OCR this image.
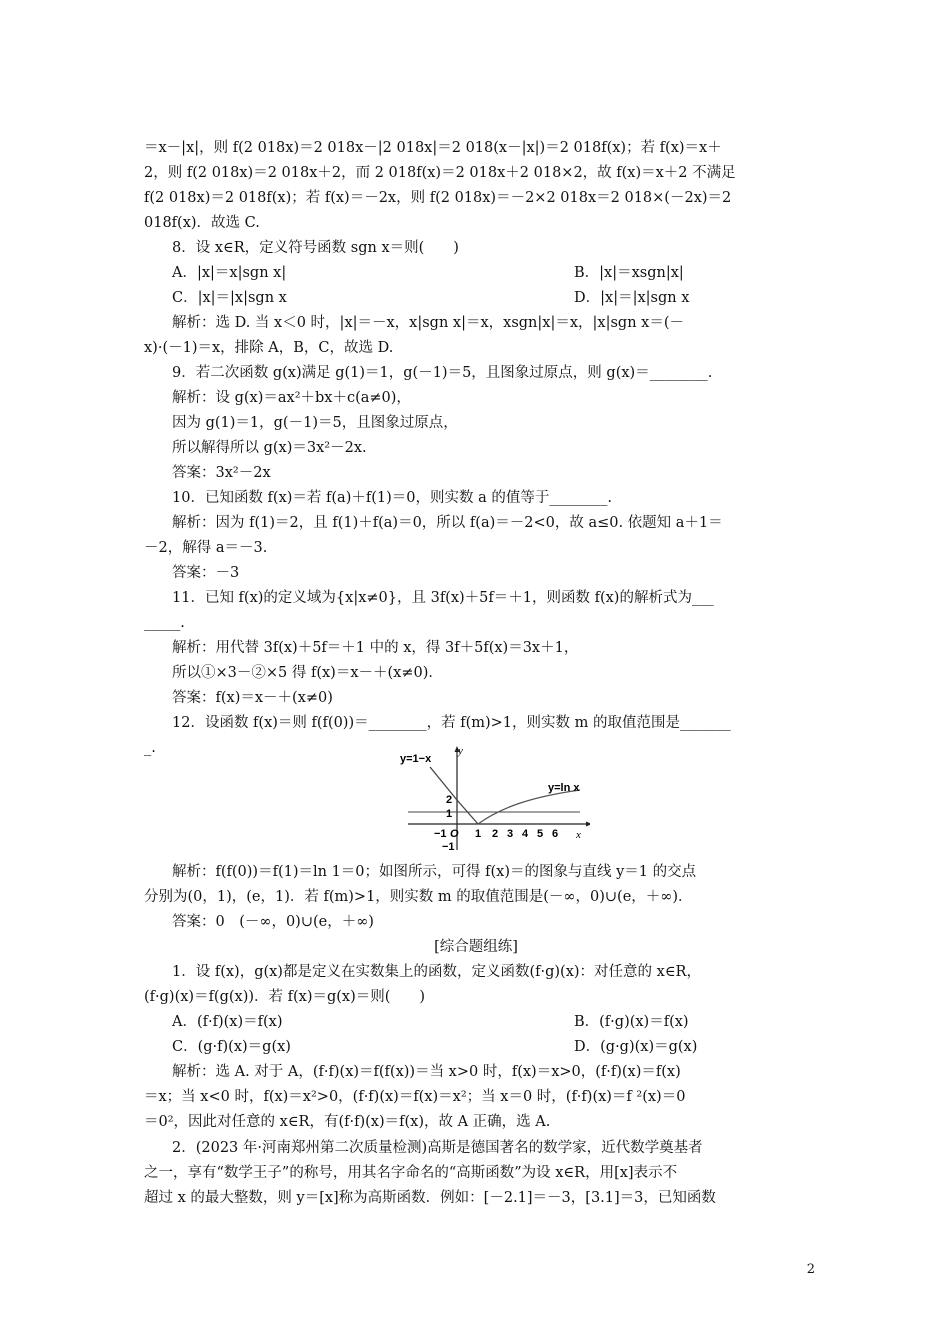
＝x－|x|，则 f(2 018x)＝2 018x－|2 018x|＝2 018(x－|x|)＝2 018f(x)；若 f(x)＝x＋
2，则 f(2 018x)＝2 018x＋2，而 2 018f(x)＝2 018x＋2 018×2，故 f(x)＝x＋2 不满足
f(2 018x)＝2 018f(x)；若 f(x)＝－2x，则 f(2 018x)＝－2×2 018x＝2 018×(－2x)＝2
018f(x)．故选 C.
8．设 x∈R，定义符号函数 sgn x＝则(　　)
A．|x|＝x|sgn x|	B．|x|＝xsgn|x|
C．|x|＝|x|sgn x	D．|x|＝|x|sgn x
解析：选 D. 当 x＜0 时，|x|＝－x，x|sgn x|＝x，xsgn|x|＝x，|x|sgn x＝(－
x)·(－1)＝x，排除 A，B，C，故选 D.
9．若二次函数 g(x)满足 g(1)＝1，g(－1)＝5，且图象过原点，则 g(x)＝________.
解析：设 g(x)＝ax²＋bx＋c(a≠0)，
因为 g(1)＝1，g(－1)＝5，且图象过原点，
所以解得所以 g(x)＝3x²－2x.
答案：3x²－2x
10．已知函数 f(x)＝若 f(a)＋f(1)＝0，则实数 a 的值等于________.
解析：因为 f(1)＝2，且 f(1)＋f(a)＝0，所以 f(a)＝－2<0，故 a≤0. 依题知 a＋1＝
－2，解得 a＝－3.
答案：－3
11．已知 f(x)的定义域为{x|x≠0}，且 3f(x)＋5f＝＋1，则函数 f(x)的解析式为___
_____.
解析：用代替 3f(x)＋5f＝＋1 中的 x，得 3f＋5f(x)＝3x＋1，
所以①×3－②×5 得 f(x)＝x－＋(x≠0)．
答案：f(x)＝x－＋(x≠0)
12．设函数 f(x)＝则 f(f(0))＝________，若 f(m)>1，则实数 m 的取值范围是_______
_.	y
x
y=1−x
y=ln x
2
1
−1
−1 O 1 2 3 4 5 6
解析：f(f(0))＝f(1)＝ln 1＝0；如图所示，可得 f(x)＝的图象与直线 y＝1 的交点
分别为(0，1)，(e，1)．若 f(m)>1，则实数 m 的取值范围是(－∞，0)∪(e，＋∞)．
答案：0　(－∞，0)∪(e，＋∞)
[综合题组练]
1．设 f(x)，g(x)都是定义在实数集上的函数，定义函数(f·g)(x)：对任意的 x∈R，
(f·g)(x)＝f(g(x))．若 f(x)＝g(x)＝则(　　)
A．(f·f)(x)＝f(x)	B．(f·g)(x)＝f(x)
C．(g·f)(x)＝g(x)	D．(g·g)(x)＝g(x)
解析：选 A. 对于 A，(f·f)(x)＝f(f(x))＝当 x>0 时，f(x)＝x>0，(f·f)(x)＝f(x)
＝x；当 x<0 时，f(x)＝x²>0，(f·f)(x)＝f(x)＝x²；当 x＝0 时，(f·f)(x)＝f ²(x)＝0
＝0²，因此对任意的 x∈R，有(f·f)(x)＝f(x)，故 A 正确，选 A.
2．(2023 年·河南郑州第二次质量检测)高斯是德国著名的数学家，近代数学奠基者
之一，享有“数学王子”的称号，用其名字命名的“高斯函数”为设 x∈R，用[x]表示不
超过 x 的最大整数，则 y＝[x]称为高斯函数．例如：[－2.1]＝－3，[3.1]＝3，已知函数
2
